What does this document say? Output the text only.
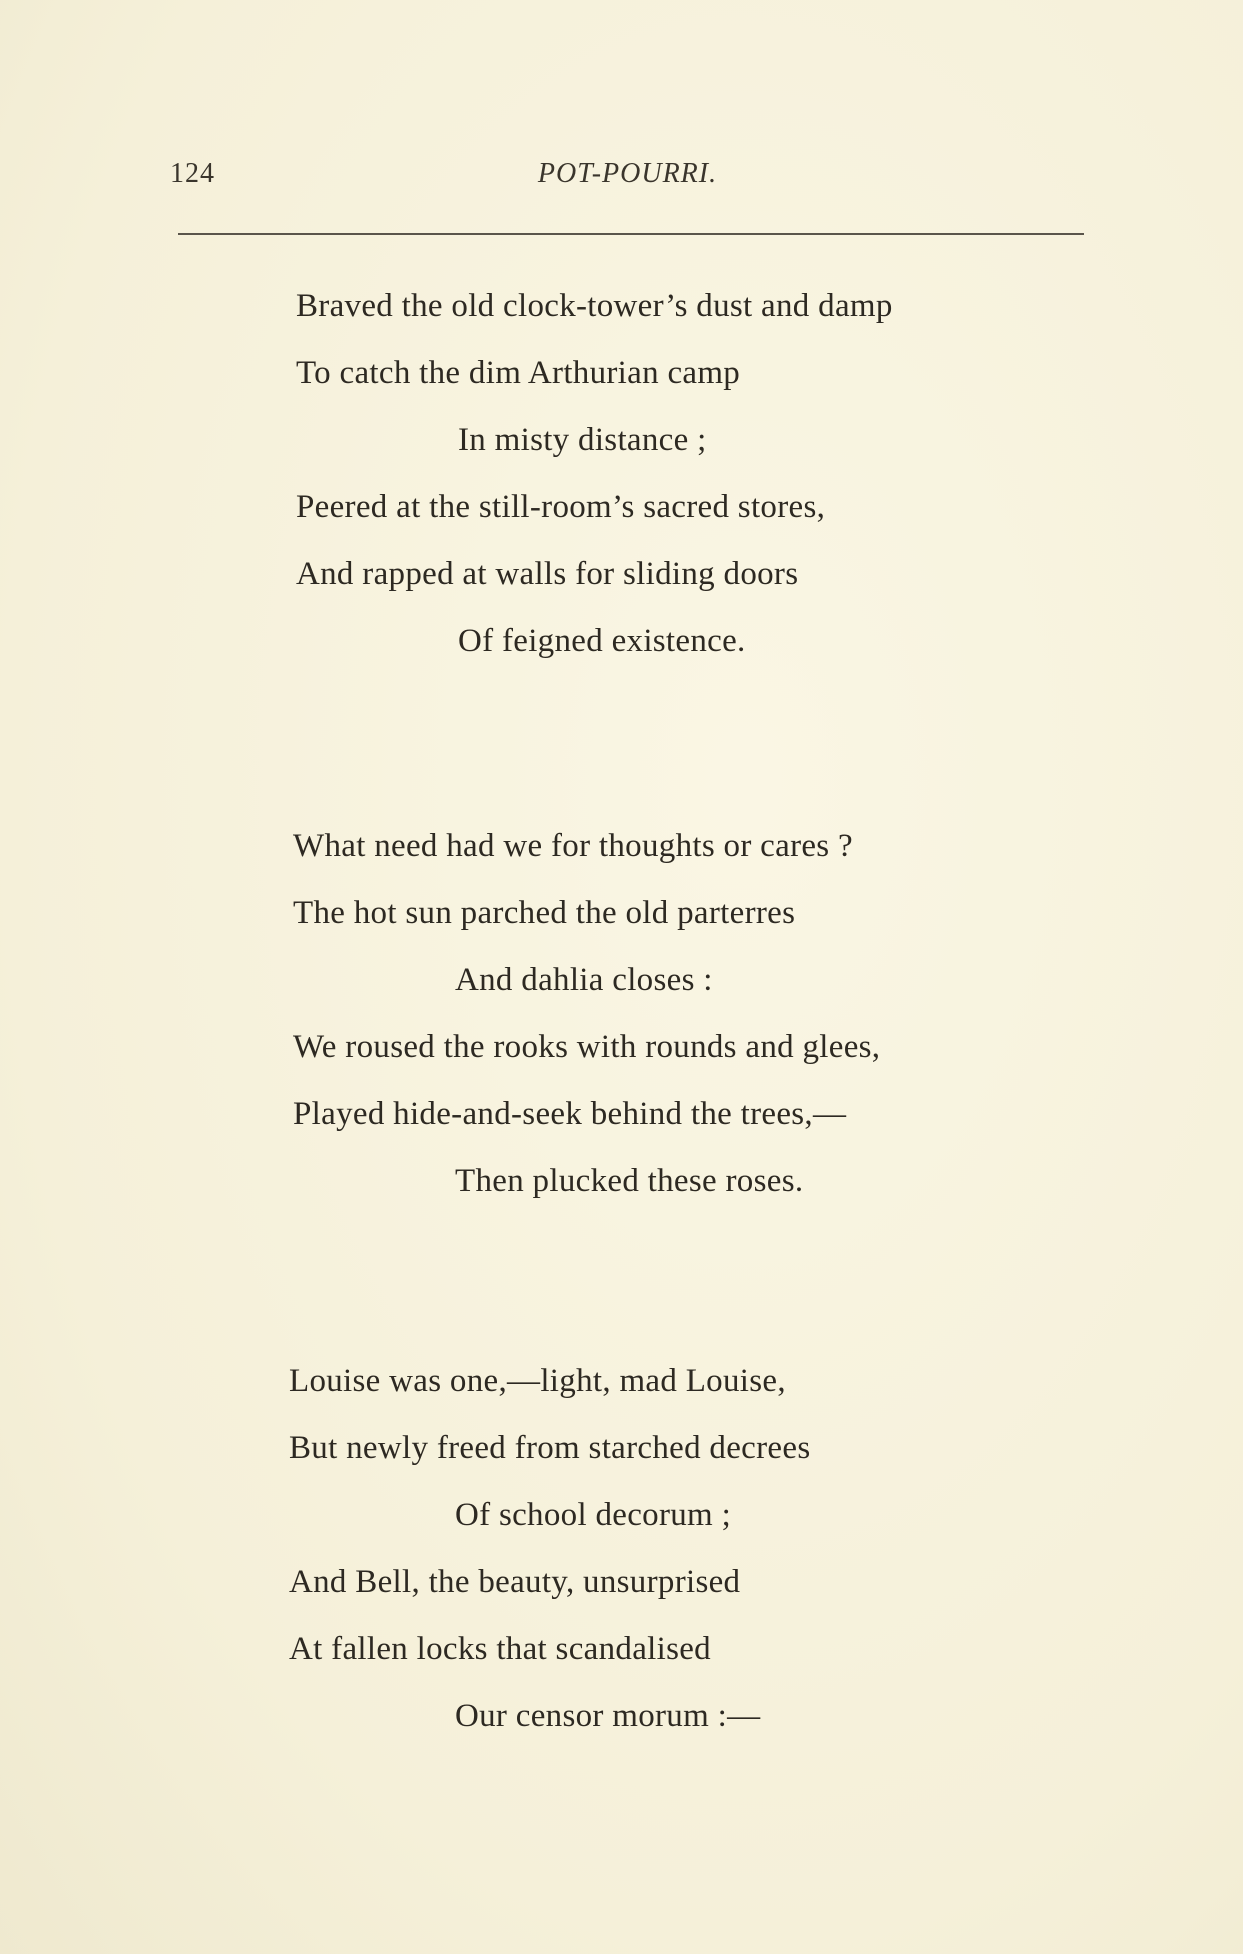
124	POT-POURRI.
Braved the old clock-tower’s dust and damp
To catch the dim Arthurian camp
In misty distance ;
Peered at the still-room’s sacred stores,
And rapped at walls for sliding doors
Of feigned existence.
What need had we for thoughts or cares ?
The hot sun parched the old parterres
And dahlia closes :
We roused the rooks with rounds and glees,
Played hide-and-seek behind the trees,—
Then plucked these roses.
Louise was one,—light, mad Louise,
But newly freed from starched decrees
Of school decorum ;
And Bell, the beauty, unsurprised
At fallen locks that scandalised
Our censor morum :—
